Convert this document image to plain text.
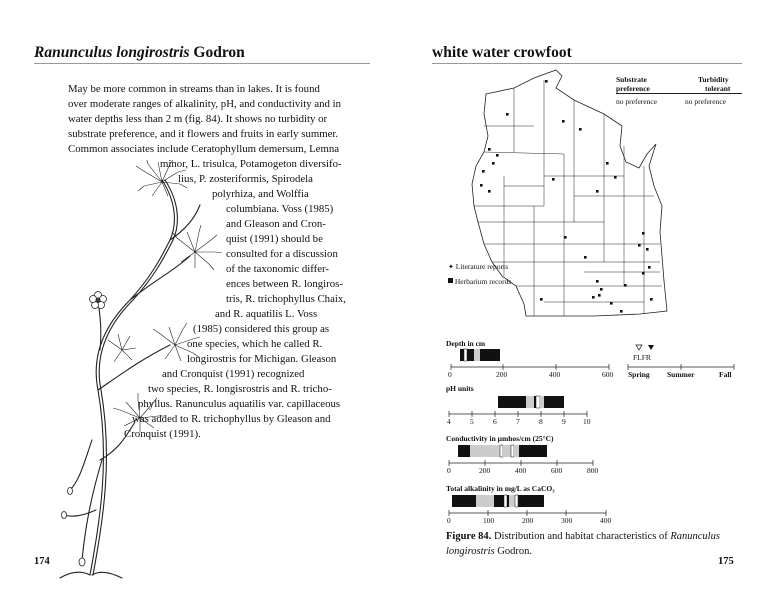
Ranunculus longirostris Godron
May be more common in streams than in lakes. It is found
over moderate ranges of alkalinity, pH, and conductivity and in
water depths less than 2 m (fig. 84). It shows no turbidity or
substrate preference, and it flowers and fruits in early summer.
Common associates include Ceratophyllum demersum, Lemna
minor, L. trisulca, Potamogeton diversifo-
lius, P. zosteriformis, Spirodela
polyrhiza, and Wolffia
columbiana. Voss (1985)
and Gleason and Cron-
quist (1991) should be
consulted for a discussion
of the taxonomic differ-
ences between R. longiros-
tris, R. trichophyllus Chaix,
and R. aquatilis L. Voss
(1985) considered this group as
one species, which he called R.
longirostris for Michigan. Gleason
and Cronquist (1991) recognized
two species, R. longisrostris and R. tricho-
phyllus. Ranunculus aquatilis var. capillaceous
was added to R. trichophyllus by Gleason and
Cronquist (1991).
174
white water crowfoot
✦ Literature reports
Herbarium records
Substrate
preference
Turbidity
tolerant
no preference	no preference
Depth in cm
0	200	400	600
FLFR
Spring Summer	Fall
pH units
4	5	6	7	8	9 10
Conductivity in µmhos/cm (25°C)
0	200	400	600	800
Total alkalinity in mg/L as CaCO₃
0	100	200	300	400
Figure 84. Distribution and habitat characteristics of Ranunculus longirostris Godron.
175
